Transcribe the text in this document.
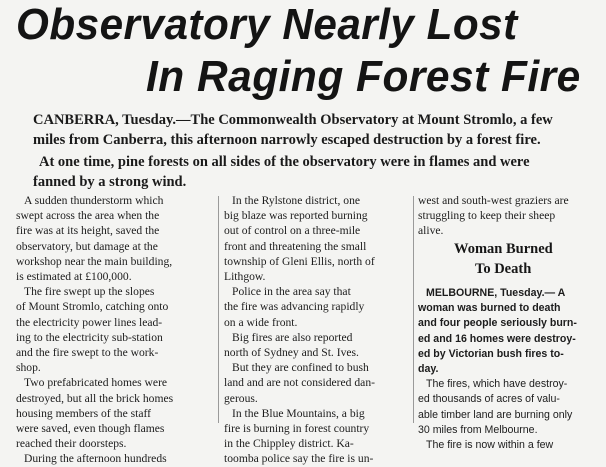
Observatory Nearly Lost
In Raging Forest Fire
CANBERRA, Tuesday.—The Commonwealth Observatory at Mount Stromlo, a few
miles from Canberra, this afternoon narrowly escaped destruction by a forest fire.
At one time, pine forests on all sides of the observatory were in flames and were
fanned by a strong wind.
A sudden thunderstorm which
swept across the area when the
fire was at its height, saved the
observatory, but damage at the
workshop near the main building,
is estimated at £100,000.
The fire swept up the slopes
of Mount Stromlo, catching onto
the electricity power lines lead-
ing to the electricity sub-station
and the fire swept to the work-
shop.
Two prefabricated homes were
destroyed, but all the brick homes
housing members of the staff
were saved, even though flames
reached their doorsteps.
During the afternoon hundreds
In the Rylstone district, one
big blaze was reported burning
out of control on a three-mile
front and threatening the small
township of Gleni Ellis, north of
Lithgow.
Police in the area say that
the fire was advancing rapidly
on a wide front.
Big fires are also reported
north of Sydney and St. Ives.
But they are confined to bush
land and are not considered dan-
gerous.
In the Blue Mountains, a big
fire is burning in forest country
in the Chippley district. Ka-
toomba police say the fire is un-
west and south-west graziers are
struggling to keep their sheep
alive.
Woman Burned
To Death
MELBOURNE, Tuesday.— A
woman was burned to death
and four people seriously burn-
ed and 16 homes were destroy-
ed by Victorian bush fires to-
day.
The fires, which have destroy-
ed thousands of acres of valu-
able timber land are burning only
30 miles from Melbourne.
The fire is now within a few
